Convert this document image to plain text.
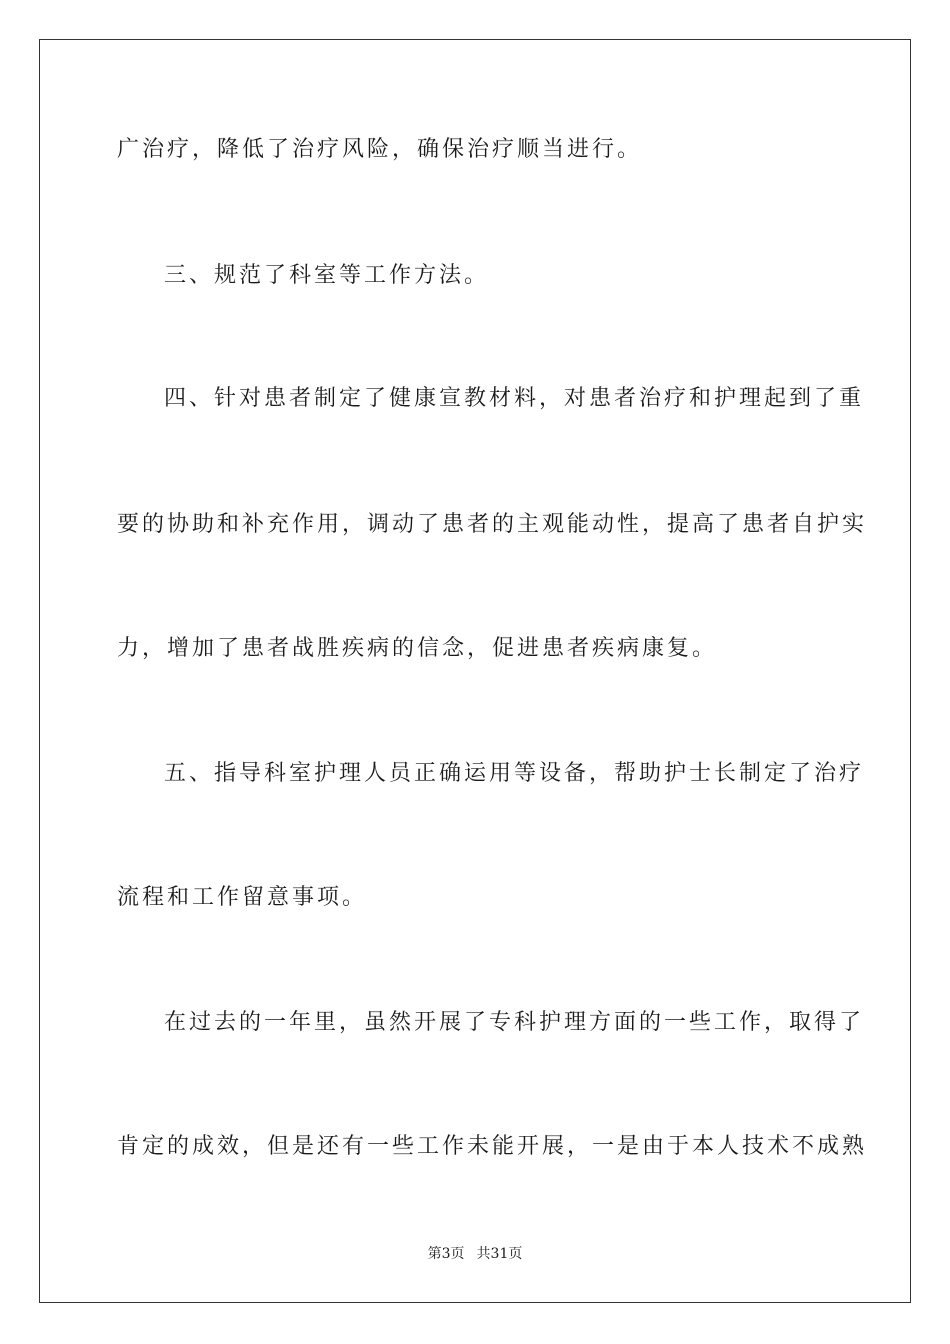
广治疗，降低了治疗风险，确保治疗顺当进行。
三、规范了科室等工作方法。
四、针对患者制定了健康宣教材料，对患者治疗和护理起到了重
要的协助和补充作用，调动了患者的主观能动性，提高了患者自护实
力，增加了患者战胜疾病的信念，促进患者疾病康复。
五、指导科室护理人员正确运用等设备，帮助护士长制定了治疗
流程和工作留意事项。
在过去的一年里，虽然开展了专科护理方面的一些工作，取得了
肯定的成效，但是还有一些工作未能开展，一是由于本人技术不成熟
第3页 共31页
